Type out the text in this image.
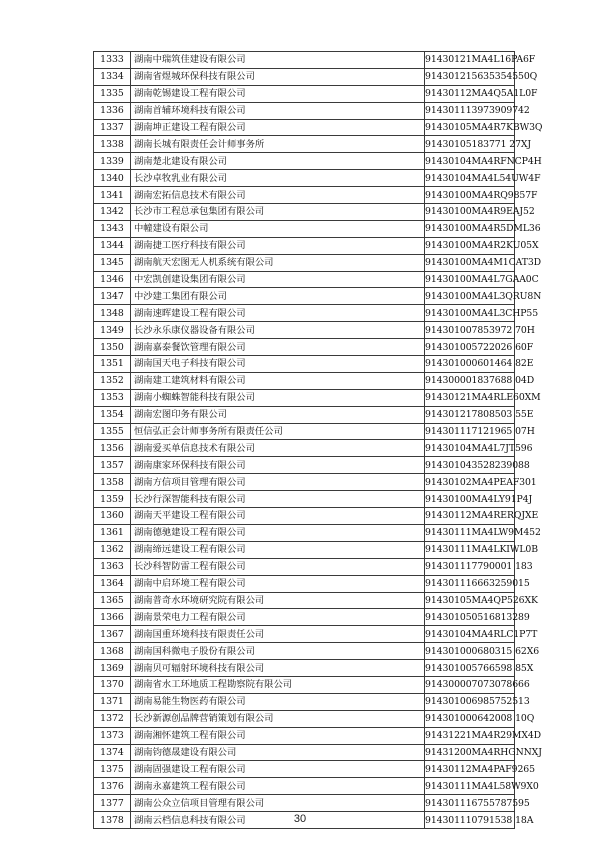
1333	湖南中瑞筑佳建设有限公司	91430121MA4L16PA6F
1334	湖南省煜城环保科技有限公司	914301215635354550Q
1335	湖南乾锡建设工程有限公司	91430112MA4Q5A1L0F
1336	湖南首辅环境科技有限公司	914301113973909742
1337	湖南坤正建设工程有限公司	91430105MA4R7KBW3Q
1338	湖南长城有限责任会计师事务所	91430105183771 27XJ
1339	湖南楚北建设有限公司	91430104MA4RFNCP4H
1340	长沙卓牧乳业有限公司	91430104MA4L54UW4F
1341	湖南宏拓信息技术有限公司	91430100MA4RQ9857F
1342	长沙市工程总承包集团有限公司	91430100MA4R9EAJ52
1343	中幢建设有限公司	91430100MA4R5DML36
1344	湖南捷工医疗科技有限公司	91430100MA4R2KU05X
1345	湖南航天宏图无人机系统有限公司	91430100MA4M1CAT3D
1346	中宏凯创建设集团有限公司	91430100MA4L7GAA0C
1347	中沙建工集团有限公司	91430100MA4L3QRU8N
1348	湖南速晖建设工程有限公司	91430100MA4L3CHP55
1349	长沙永乐康仪器设备有限公司	914301007853972 70H
1350	湖南嘉泰餐饮管理有限公司	914301005722026 60F
1351	湖南国天电子科技有限公司	914301000601464 82E
1352	湖南建工建筑材料有限公司	914300001837688 04D
1353	湖南小蜘蛛智能科技有限公司	91430121MA4RLE60XM
1354	湖南宏图印务有限公司	914301217808503 55E
1355	恒信弘正会计师事务所有限责任公司	914301117121965 07H
1356	湖南爱买单信息技术有限公司	91430104MA4L7JT596
1357	湖南康家环保科技有限公司	914301043528239088
1358	湖南方信项目管理有限公司	91430102MA4PEAF301
1359	长沙行深智能科技有限公司	91430100MA4LY91P4J
1360	湖南天平建设工程有限公司	91430112MA4RERQJXE
1361	湖南德驰建设工程有限公司	91430111MA4LW9M452
1362	湖南缔远建设工程有限公司	91430111MA4LKIWL0B
1363	长沙科智防雷工程有限公司	914301117790001 183
1364	湖南中启环境工程有限公司	914301116663259015
1365	湖南普奇水环境研究院有限公司	91430105MA4QP526XK
1366	湖南景荣电力工程有限公司	914301050516813289
1367	湖南国重环境科技有限责任公司	91430104MA4RLC1P7T
1368	湖南国科微电子股份有限公司	914301000680315 62X6
1369	湖南贝可辐射环境科技有限公司	914301005766598 85X
1370	湖南省水工环地质工程勘察院有限公司	914300007073078666
1371	湖南易能生物医药有限公司	914301006985752513
1372	长沙新源创品牌营销策划有限公司	914301000642008 10Q
1373	湖南湘怀建筑工程有限公司	91431221MA4R29MX4D
1374	湖南钧德晟建设有限公司	91431200MA4RHGNNXJ
1375	湖南固强建设工程有限公司	91430112MA4PAF9265
1376	湖南永嘉建筑工程有限公司	91430111MA4L58W9X0
1377	湖南公众立信项目管理有限公司	914301116755787595
1378	湖南云档信息科技有限公司	914301110791538 18A
30
